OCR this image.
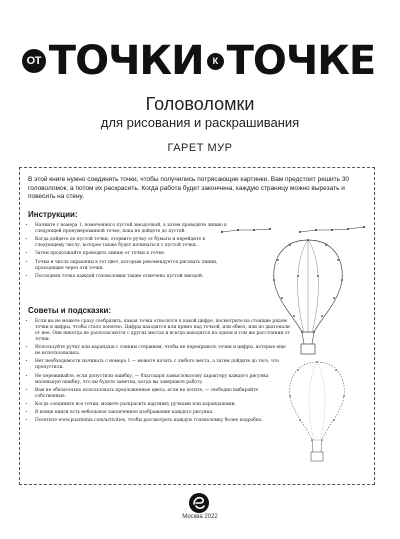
ОТ ТОЧКИ	К ТОЧКЕ
Головоломки
для рисования и раскрашивания
ГАРЕТ МУР

В этой книге нужно соединять точки, чтобы получились потрясающие картинки. Вам предстоит решить 30 головоломок, а потом их раскрасить. Когда работа будет закончена, каждую страницу можно вырезать и повесить на стену.

Инструкции:

• Начните с номера 1, помеченного пустой звездочкой, а затем проводите линию к следующей пронумерованной точке, пока не дойдете до пустой.
• Когда дойдете до пустой точки, оторвите ручку от бумаги и перейдите к следующему числу, которое также будет начинаться с пустой точки.
• Затем продолжайте проводить линию от точки к точке.
• Точки и числа окрашены в тот цвет, которым рекомендуется рисовать линии, проходящие через эти точки.
• Последняя точка каждой головоломки также отмечена пустой звездой.

Советы и подсказки:

• Если вы не можете сразу сообразить, какая точка относится к какой цифре, посмотрите на стоящие рядом точки и цифры, чтобы стало понятно. Цифры находятся или прямо над точкой, или обвел, или по диагонали от нее. Они никогда не располагаются с других местах и всегда находятся на одном и том же расстоянии от точки.
• Используйте ручку или карандаш с тонким стержнем, чтобы не перекрывать точки и цифры, которые еще не использовались.
• Нет необходимости начинать с номера 1 — можете начать с любого места, а затем дойдите до того, что пропустили.
• Не переживайте, если допустили ошибку, — благодаря замысловатому характеру каждого рисунка маленькую ошибку, что вы будете заметна, когда вы завершите работу.
• Вам не обязательно использовать предложенные цвета, если не хотите, — свободно выбирайте собственные.
• Когда соедините все точки, можете раскрасить картинку ручками или карандашами.
• В конце книги есть небольшое законченное изображение каждого рисунка.
• Посетите www.puzzlemix.com/activities, чтобы рассмотреть каждую головоломку более подробно.
Москва 2022
